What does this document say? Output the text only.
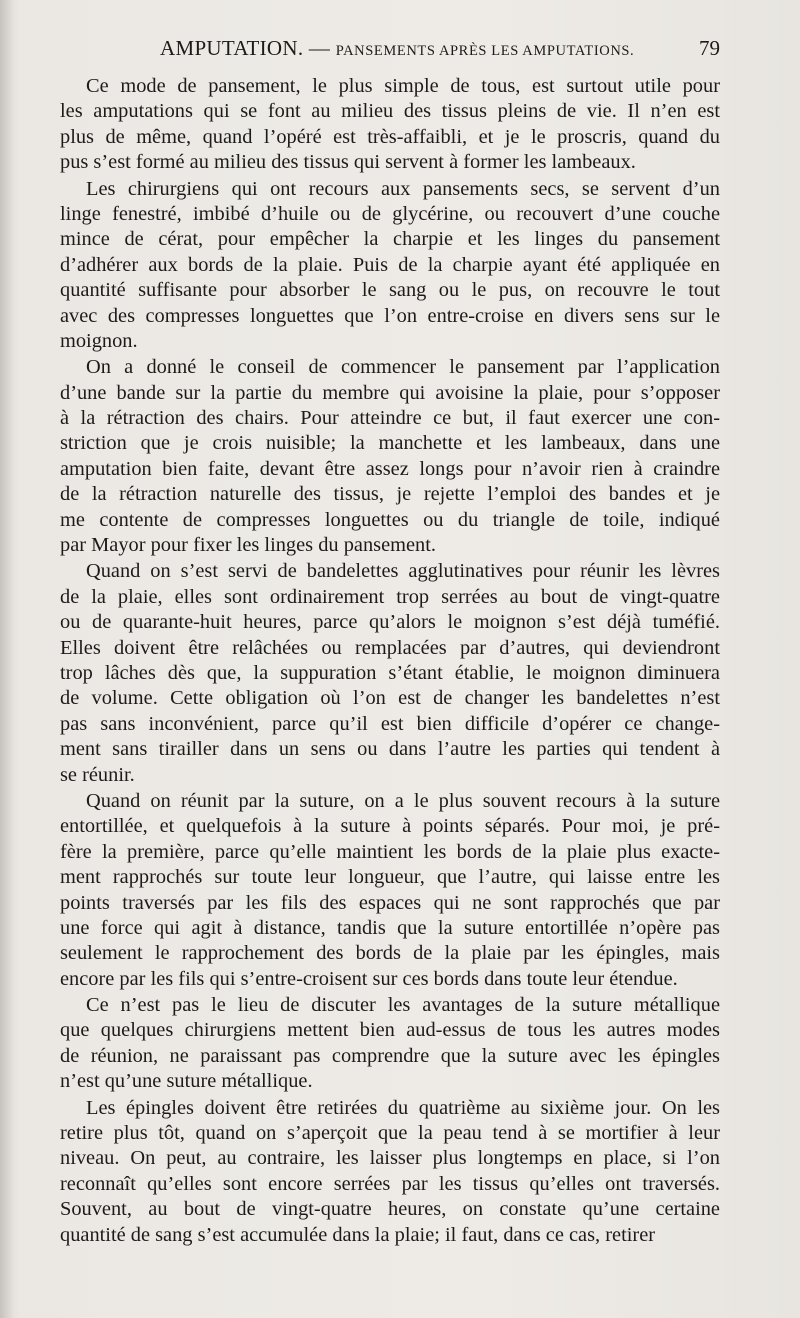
AMPUTATION. — PANSEMENTS APRÈS LES AMPUTATIONS.	79
Ce mode de pansement, le plus simple de tous, est surtout utile pour
les amputations qui se font au milieu des tissus pleins de vie. Il n’en est
plus de même, quand l’opéré est très-affaibli, et je le proscris, quand du
pus s’est formé au milieu des tissus qui servent à former les lambeaux.
Les chirurgiens qui ont recours aux pansements secs, se servent d’un
linge fenestré, imbibé d’huile ou de glycérine, ou recouvert d’une couche
mince de cérat, pour empêcher la charpie et les linges du pansement
d’adhérer aux bords de la plaie. Puis de la charpie ayant été appliquée en
quantité suffisante pour absorber le sang ou le pus, on recouvre le tout
avec des compresses longuettes que l’on entre-croise en divers sens sur le
moignon.
On a donné le conseil de commencer le pansement par l’application
d’une bande sur la partie du membre qui avoisine la plaie, pour s’opposer
à la rétraction des chairs. Pour atteindre ce but, il faut exercer une con-
striction que je crois nuisible; la manchette et les lambeaux, dans une
amputation bien faite, devant être assez longs pour n’avoir rien à craindre
de la rétraction naturelle des tissus, je rejette l’emploi des bandes et je
me contente de compresses longuettes ou du triangle de toile, indiqué
par Mayor pour fixer les linges du pansement.
Quand on s’est servi de bandelettes agglutinatives pour réunir les lèvres
de la plaie, elles sont ordinairement trop serrées au bout de vingt-quatre
ou de quarante-huit heures, parce qu’alors le moignon s’est déjà tuméfié.
Elles doivent être relâchées ou remplacées par d’autres, qui deviendront
trop lâches dès que, la suppuration s’étant établie, le moignon diminuera
de volume. Cette obligation où l’on est de changer les bandelettes n’est
pas sans inconvénient, parce qu’il est bien difficile d’opérer ce change-
ment sans tirailler dans un sens ou dans l’autre les parties qui tendent à
se réunir.
Quand on réunit par la suture, on a le plus souvent recours à la suture
entortillée, et quelquefois à la suture à points séparés. Pour moi, je pré-
fère la première, parce qu’elle maintient les bords de la plaie plus exacte-
ment rapprochés sur toute leur longueur, que l’autre, qui laisse entre les
points traversés par les fils des espaces qui ne sont rapprochés que par
une force qui agit à distance, tandis que la suture entortillée n’opère pas
seulement le rapprochement des bords de la plaie par les épingles, mais
encore par les fils qui s’entre-croisent sur ces bords dans toute leur étendue.
Ce n’est pas le lieu de discuter les avantages de la suture métallique
que quelques chirurgiens mettent bien aud-essus de tous les autres modes
de réunion, ne paraissant pas comprendre que la suture avec les épingles
n’est qu’une suture métallique.
Les épingles doivent être retirées du quatrième au sixième jour. On les
retire plus tôt, quand on s’aperçoit que la peau tend à se mortifier à leur
niveau. On peut, au contraire, les laisser plus longtemps en place, si l’on
reconnaît qu’elles sont encore serrées par les tissus qu’elles ont traversés.
Souvent, au bout de vingt-quatre heures, on constate qu’une certaine
quantité de sang s’est accumulée dans la plaie; il faut, dans ce cas, retirer
